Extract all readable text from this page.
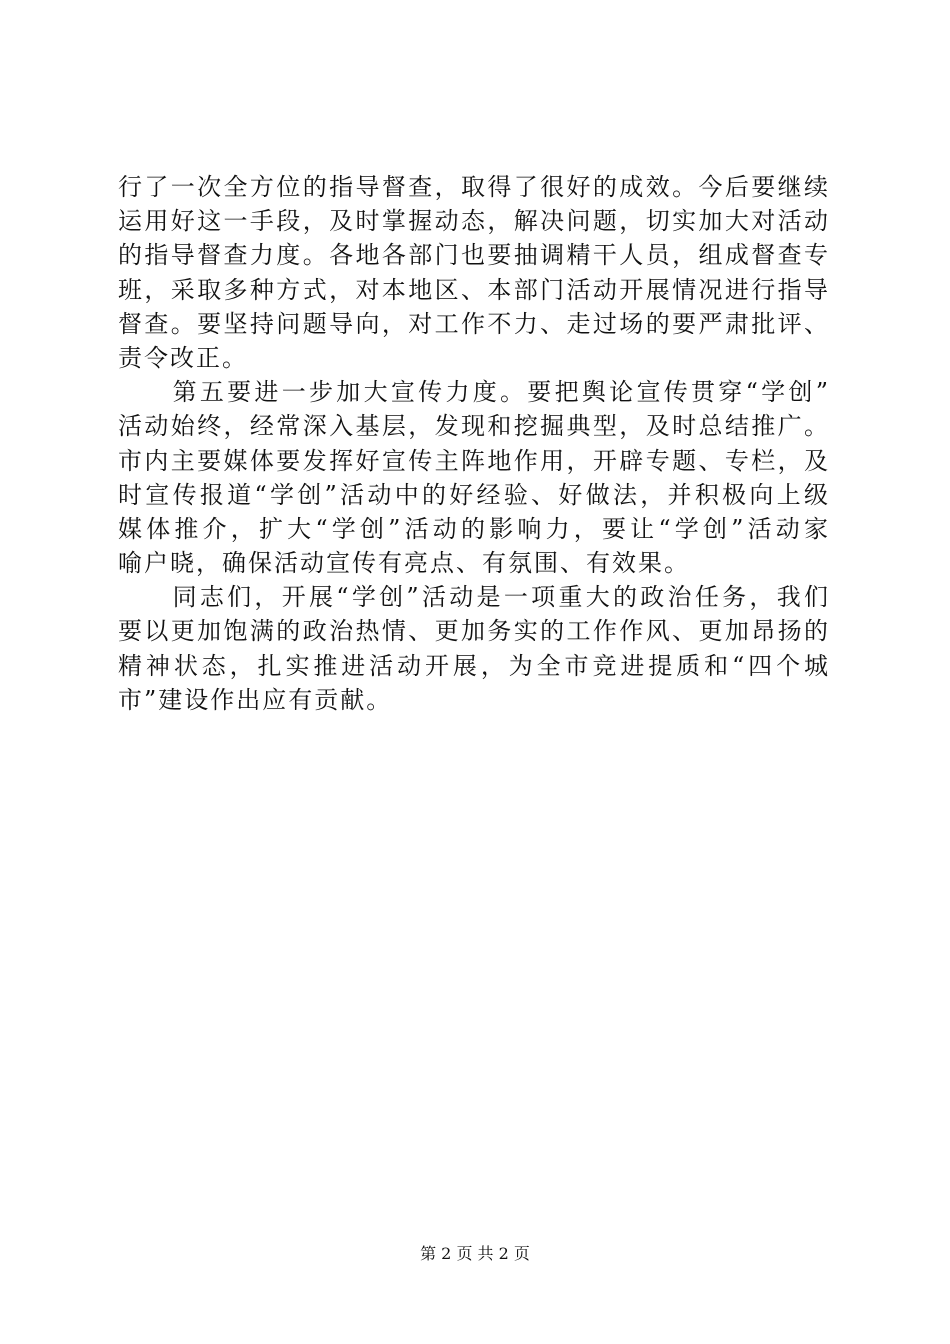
行了一次全方位的指导督查，取得了很好的成效。今后要继续
运用好这一手段，及时掌握动态，解决问题，切实加大对活动
的指导督查力度。各地各部门也要抽调精干人员，组成督查专
班，采取多种方式，对本地区、本部门活动开展情况进行指导
督查。要坚持问题导向，对工作不力、走过场的要严肃批评、
责令改正。
　　第五要进一步加大宣传力度。要把舆论宣传贯穿“学创”
活动始终，经常深入基层，发现和挖掘典型，及时总结推广。
市内主要媒体要发挥好宣传主阵地作用，开辟专题、专栏，及
时宣传报道“学创”活动中的好经验、好做法，并积极向上级
媒体推介，扩大“学创”活动的影响力，要让“学创”活动家
喻户晓，确保活动宣传有亮点、有氛围、有效果。
　　同志们，开展“学创”活动是一项重大的政治任务，我们
要以更加饱满的政治热情、更加务实的工作作风、更加昂扬的
精神状态，扎实推进活动开展，为全市竞进提质和“四个城
市”建设作出应有贡献。
第 2 页 共 2 页
